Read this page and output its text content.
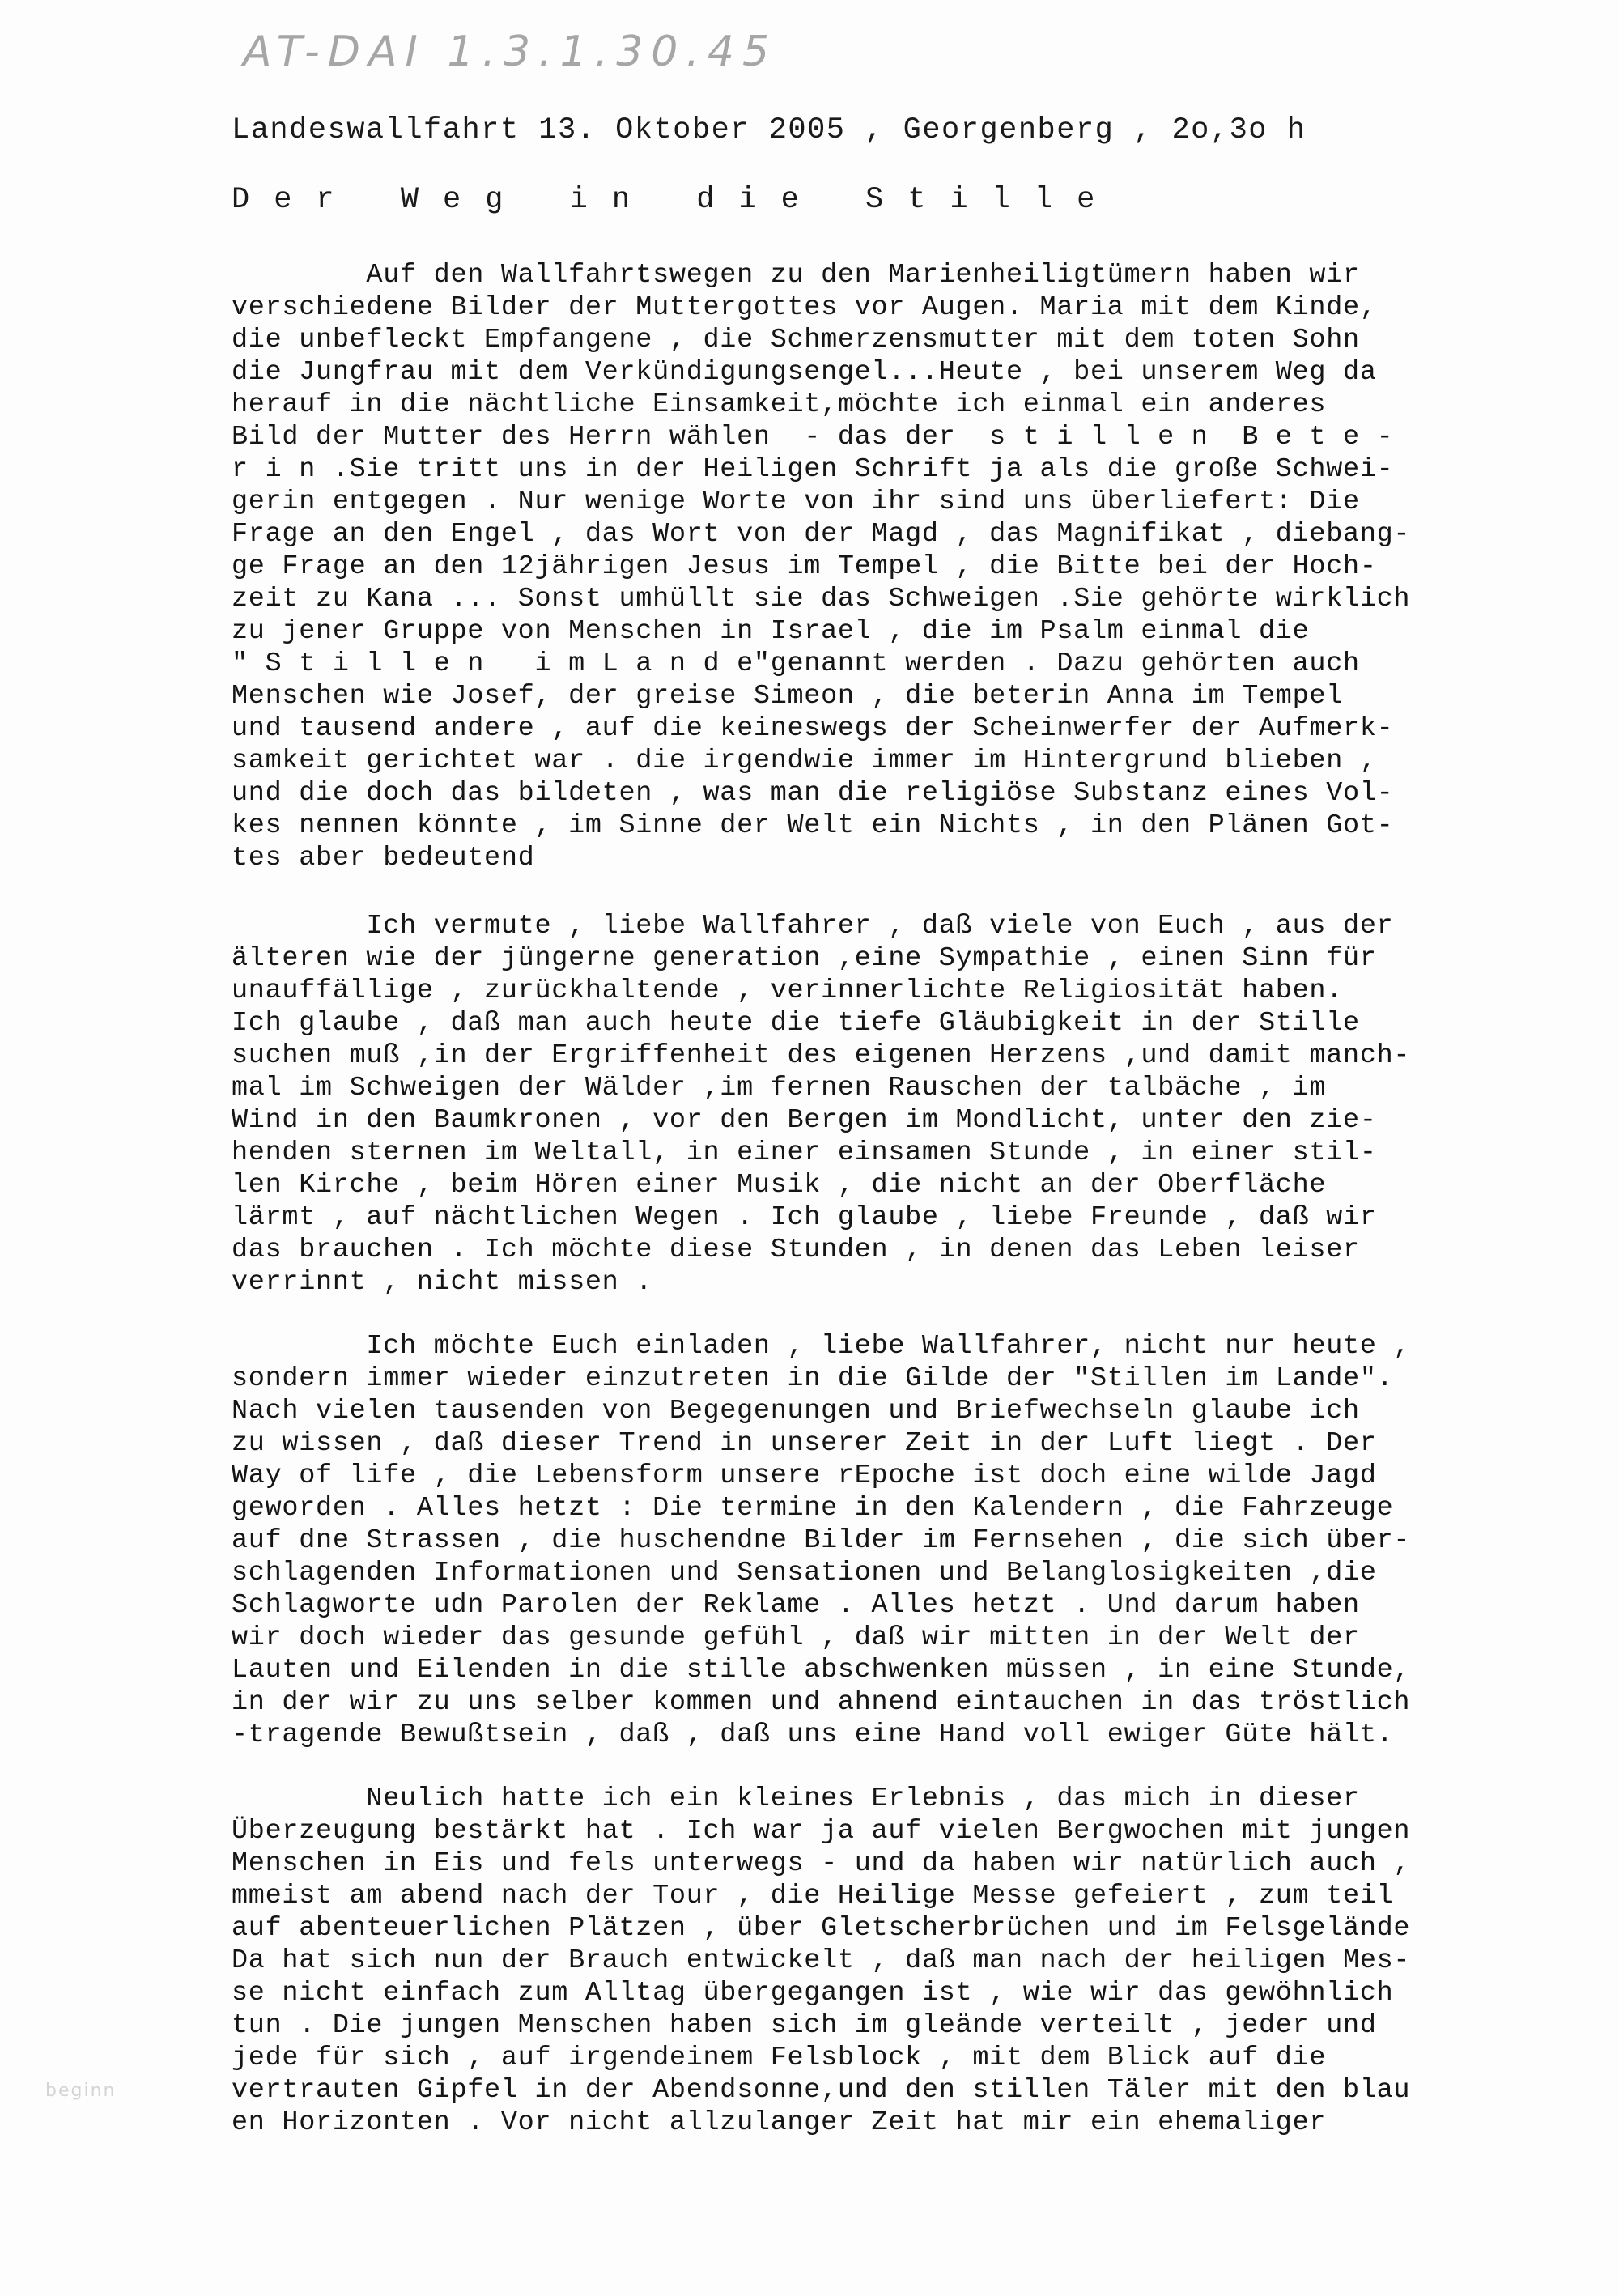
AT-DAI 1.3.1.30.45
Landeswallfahrt 13. Oktober 2005 , Georgenberg , 2o,3o h
Der Weg in die Stille
Auf den Wallfahrtswegen zu den Marienheiligtümern haben wir
verschiedene Bilder der Muttergottes vor Augen. Maria mit dem Kinde,
die unbefleckt Empfangene , die Schmerzensmutter mit dem toten Sohn
die Jungfrau mit dem Verkündigungsengel...Heute , bei unserem Weg da
herauf in die nächtliche Einsamkeit,möchte ich einmal ein anderes
Bild der Mutter des Herrn wählen  - das der  s t i l l e n  B e t e -
r i n .Sie tritt uns in der Heiligen Schrift ja als die große Schwei-
gerin entgegen . Nur wenige Worte von ihr sind uns überliefert: Die
Frage an den Engel , das Wort von der Magd , das Magnifikat , diebang-
ge Frage an den 12jährigen Jesus im Tempel , die Bitte bei der Hoch-
zeit zu Kana ... Sonst umhüllt sie das Schweigen .Sie gehörte wirklich
zu jener Gruppe von Menschen in Israel , die im Psalm einmal die
" S t i l l e n   i m L a n d e"genannt werden . Dazu gehörten auch
Menschen wie Josef, der greise Simeon , die beterin Anna im Tempel
und tausend andere , auf die keineswegs der Scheinwerfer der Aufmerk-
samkeit gerichtet war . die irgendwie immer im Hintergrund blieben ,
und die doch das bildeten , was man die religiöse Substanz eines Vol-
kes nennen könnte , im Sinne der Welt ein Nichts , in den Plänen Got-
tes aber bedeutend
Ich vermute , liebe Wallfahrer , daß viele von Euch , aus der
älteren wie der jüngerne generation ,eine Sympathie , einen Sinn für
unauffällige , zurückhaltende , verinnerlichte Religiosität haben.
Ich glaube , daß man auch heute die tiefe Gläubigkeit in der Stille
suchen muß ,in der Ergriffenheit des eigenen Herzens ,und damit manch-
mal im Schweigen der Wälder ,im fernen Rauschen der talbäche , im
Wind in den Baumkronen , vor den Bergen im Mondlicht, unter den zie-
henden sternen im Weltall, in einer einsamen Stunde , in einer stil-
len Kirche , beim Hören einer Musik , die nicht an der Oberfläche
lärmt , auf nächtlichen Wegen . Ich glaube , liebe Freunde , daß wir
das brauchen . Ich möchte diese Stunden , in denen das Leben leiser
verrinnt , nicht missen .
Ich möchte Euch einladen , liebe Wallfahrer, nicht nur heute ,
sondern immer wieder einzutreten in die Gilde der "Stillen im Lande".
Nach vielen tausenden von Begegenungen und Briefwechseln glaube ich
zu wissen , daß dieser Trend in unserer Zeit in der Luft liegt . Der
Way of life , die Lebensform unsere rEpoche ist doch eine wilde Jagd
geworden . Alles hetzt : Die termine in den Kalendern , die Fahrzeuge
auf dne Strassen , die huschendne Bilder im Fernsehen , die sich über-
schlagenden Informationen und Sensationen und Belanglosigkeiten ,die
Schlagworte udn Parolen der Reklame . Alles hetzt . Und darum haben
wir doch wieder das gesunde gefühl , daß wir mitten in der Welt der
Lauten und Eilenden in die stille abschwenken müssen , in eine Stunde,
in der wir zu uns selber kommen und ahnend eintauchen in das tröstlich
-tragende Bewußtsein , daß , daß uns eine Hand voll ewiger Güte hält.
Neulich hatte ich ein kleines Erlebnis , das mich in dieser
Überzeugung bestärkt hat . Ich war ja auf vielen Bergwochen mit jungen
Menschen in Eis und fels unterwegs - und da haben wir natürlich auch ,
mmeist am abend nach der Tour , die Heilige Messe gefeiert , zum teil
auf abenteuerlichen Plätzen , über Gletscherbrüchen und im Felsgelände
Da hat sich nun der Brauch entwickelt , daß man nach der heiligen Mes-
se nicht einfach zum Alltag übergegangen ist , wie wir das gewöhnlich
tun . Die jungen Menschen haben sich im gleände verteilt , jeder und
jede für sich , auf irgendeinem Felsblock , mit dem Blick auf die
vertrauten Gipfel in der Abendsonne,und den stillen Täler mit den blau
en Horizonten . Vor nicht allzulanger Zeit hat mir ein ehemaliger
beginn
